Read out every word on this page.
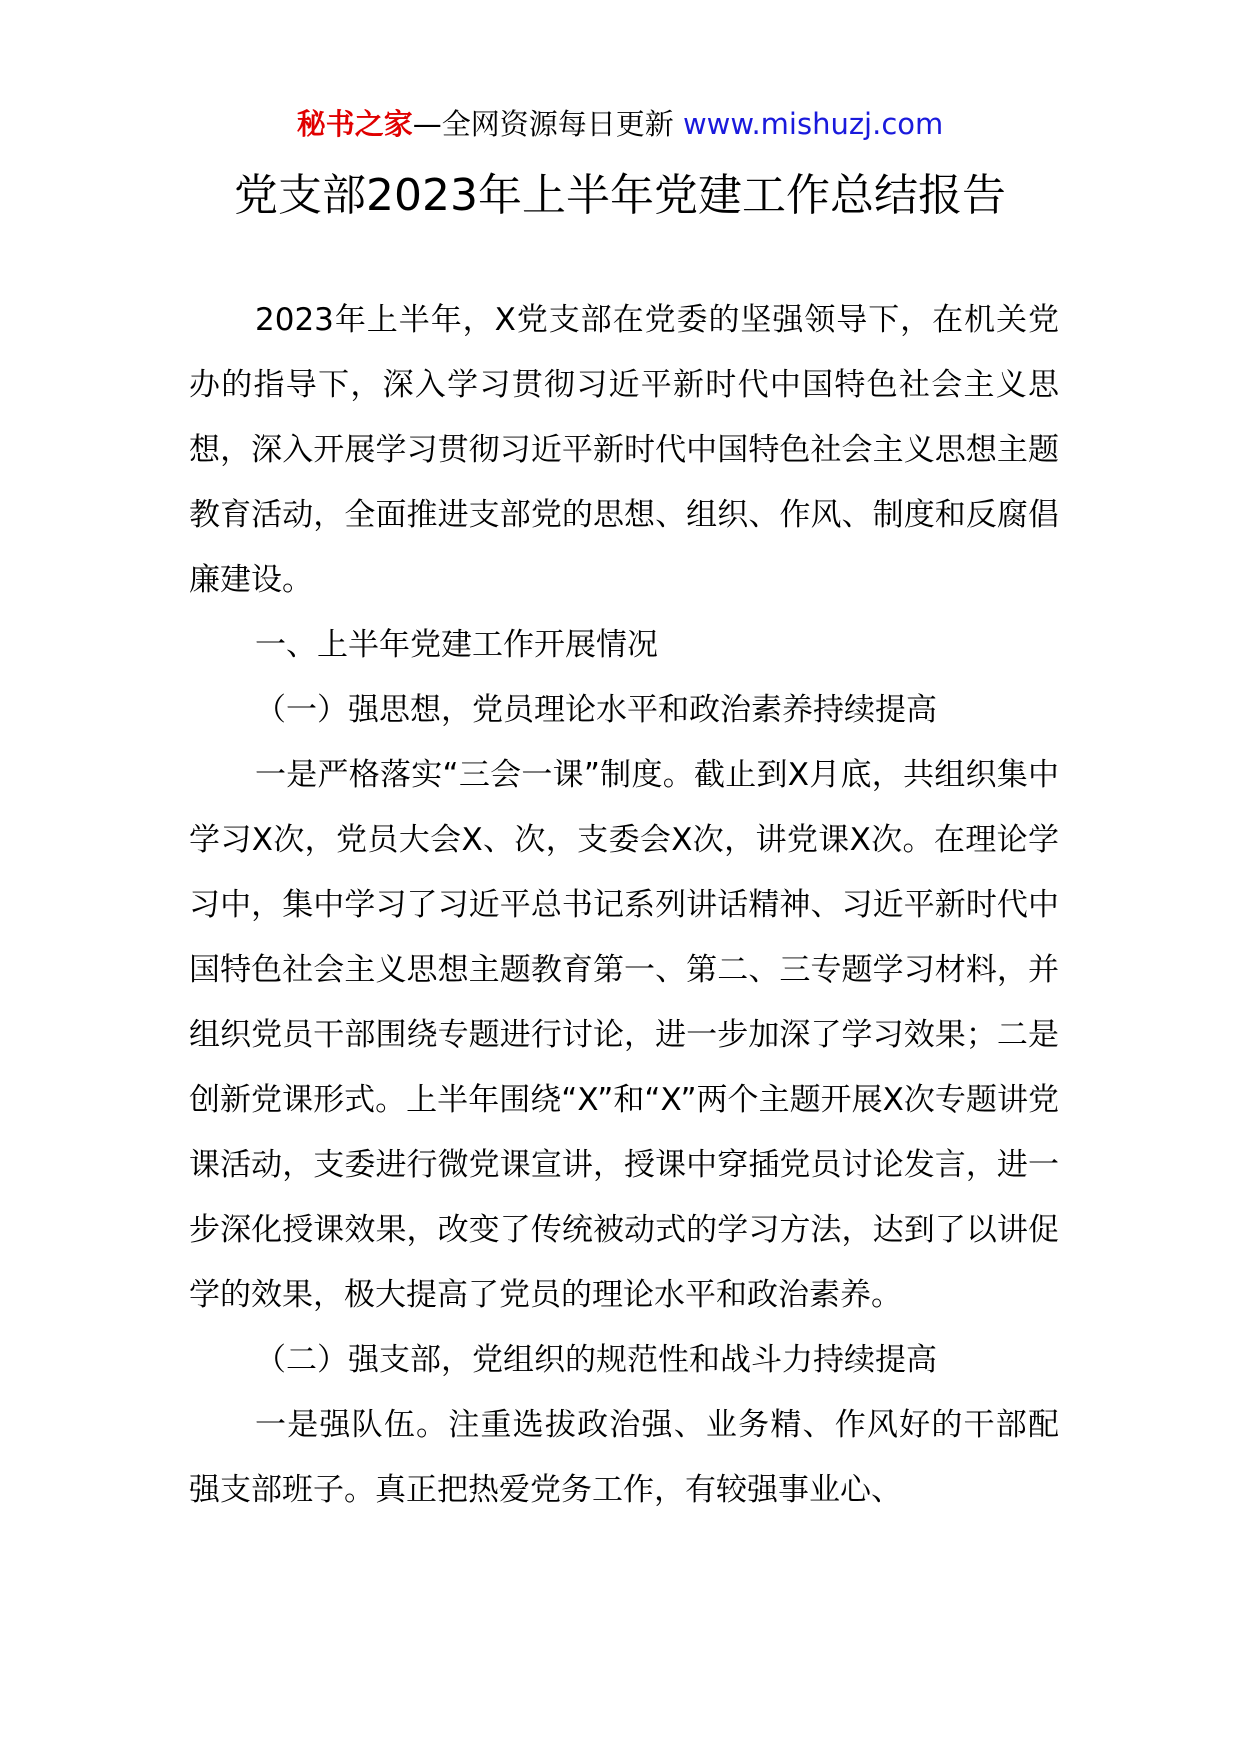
秘书之家—全网资源每日更新 www.mishuzj.com
党支部2023年上半年党建工作总结报告

2023年上半年，X党支部在党委的坚强领导下，在机关党办的指导下，深入学习贯彻习近平新时代中国特色社会主义思想，深入开展学习贯彻习近平新时代中国特色社会主义思想主题教育活动，全面推进支部党的思想、组织、作风、制度和反腐倡廉建设。

一、上半年党建工作开展情况

（一）强思想，党员理论水平和政治素养持续提高

一是严格落实“三会一课”制度。截止到X月底，共组织集中学习X次，党员大会X、次，支委会X次，讲党课X次。在理论学习中，集中学习了习近平总书记系列讲话精神、习近平新时代中国特色社会主义思想主题教育第一、第二、三专题学习材料，并组织党员干部围绕专题进行讨论，进一步加深了学习效果；二是创新党课形式。上半年围绕“X”和“X”两个主题开展X次专题讲党课活动，支委进行微党课宣讲，授课中穿插党员讨论发言，进一步深化授课效果，改变了传统被动式的学习方法，达到了以讲促学的效果，极大提高了党员的理论水平和政治素养。

（二）强支部，党组织的规范性和战斗力持续提高

一是强队伍。注重选拔政治强、业务精、作风好的干部配强支部班子。真正把热爱党务工作，有较强事业心、
